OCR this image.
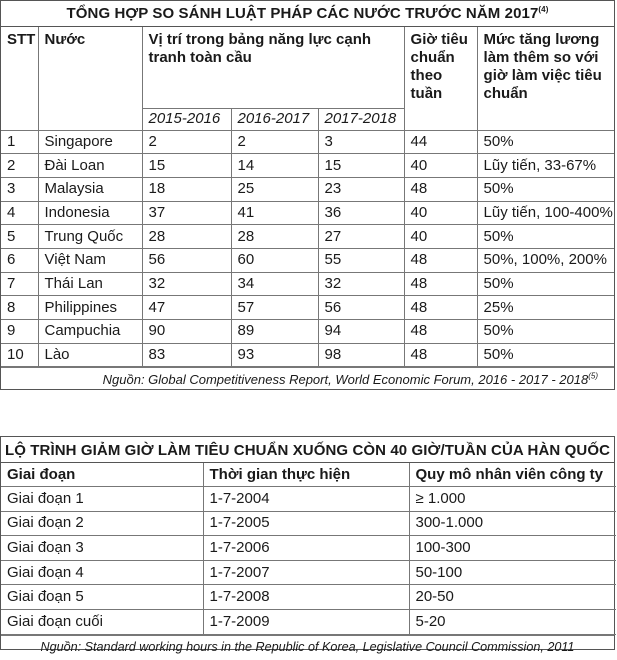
TỔNG HỢP SO SÁNH LUẬT PHÁP CÁC NƯỚC TRƯỚC NĂM 2017$^{(4)}$
STT	Nước	Vị trí trong bảng năng lực cạnh tranh toàn cầu			Giờ tiêu chuẩn theo tuần	Mức tăng lương làm thêm so với giờ làm việc tiêu chuẩn
		2015-2016	2016-2017	2017-2018		
1	Singapore	2	2	3	44	50%
2	Đài Loan	15	14	15	40	Lũy tiến, 33-67%
3	Malaysia	18	25	23	48	50%
4	Indonesia	37	41	36	40	Lũy tiến, 100-400%
5	Trung Quốc	28	28	27	40	50%
6	Việt Nam	56	60	55	48	50%, 100%, 200%
7	Thái Lan	32	34	32	48	50%
8	Philippines	47	57	56	48	25%
9	Campuchia	90	89	94	48	50%
10	Lào	83	93	98	48	50%
Nguồn: Global Competitiveness Report, World Economic Forum, 2016 - 2017 - 2018$^{(5)}$
LỘ TRÌNH GIẢM GIỜ LÀM TIÊU CHUẨN XUỐNG CÒN 40 GIỜ/TUẦN CỦA HÀN QUỐC
Giai đoạn	Thời gian thực hiện	Quy mô nhân viên công ty
Giai đoạn 1	1-7-2004	≥ 1.000
Giai đoạn 2	1-7-2005	300-1.000
Giai đoạn 3	1-7-2006	100-300
Giai đoạn 4	1-7-2007	50-100
Giai đoạn 5	1-7-2008	20-50
Giai đoạn cuối	1-7-2009	5-20
Nguồn: Standard working hours in the Republic of Korea, Legislative Council Commission, 2011
